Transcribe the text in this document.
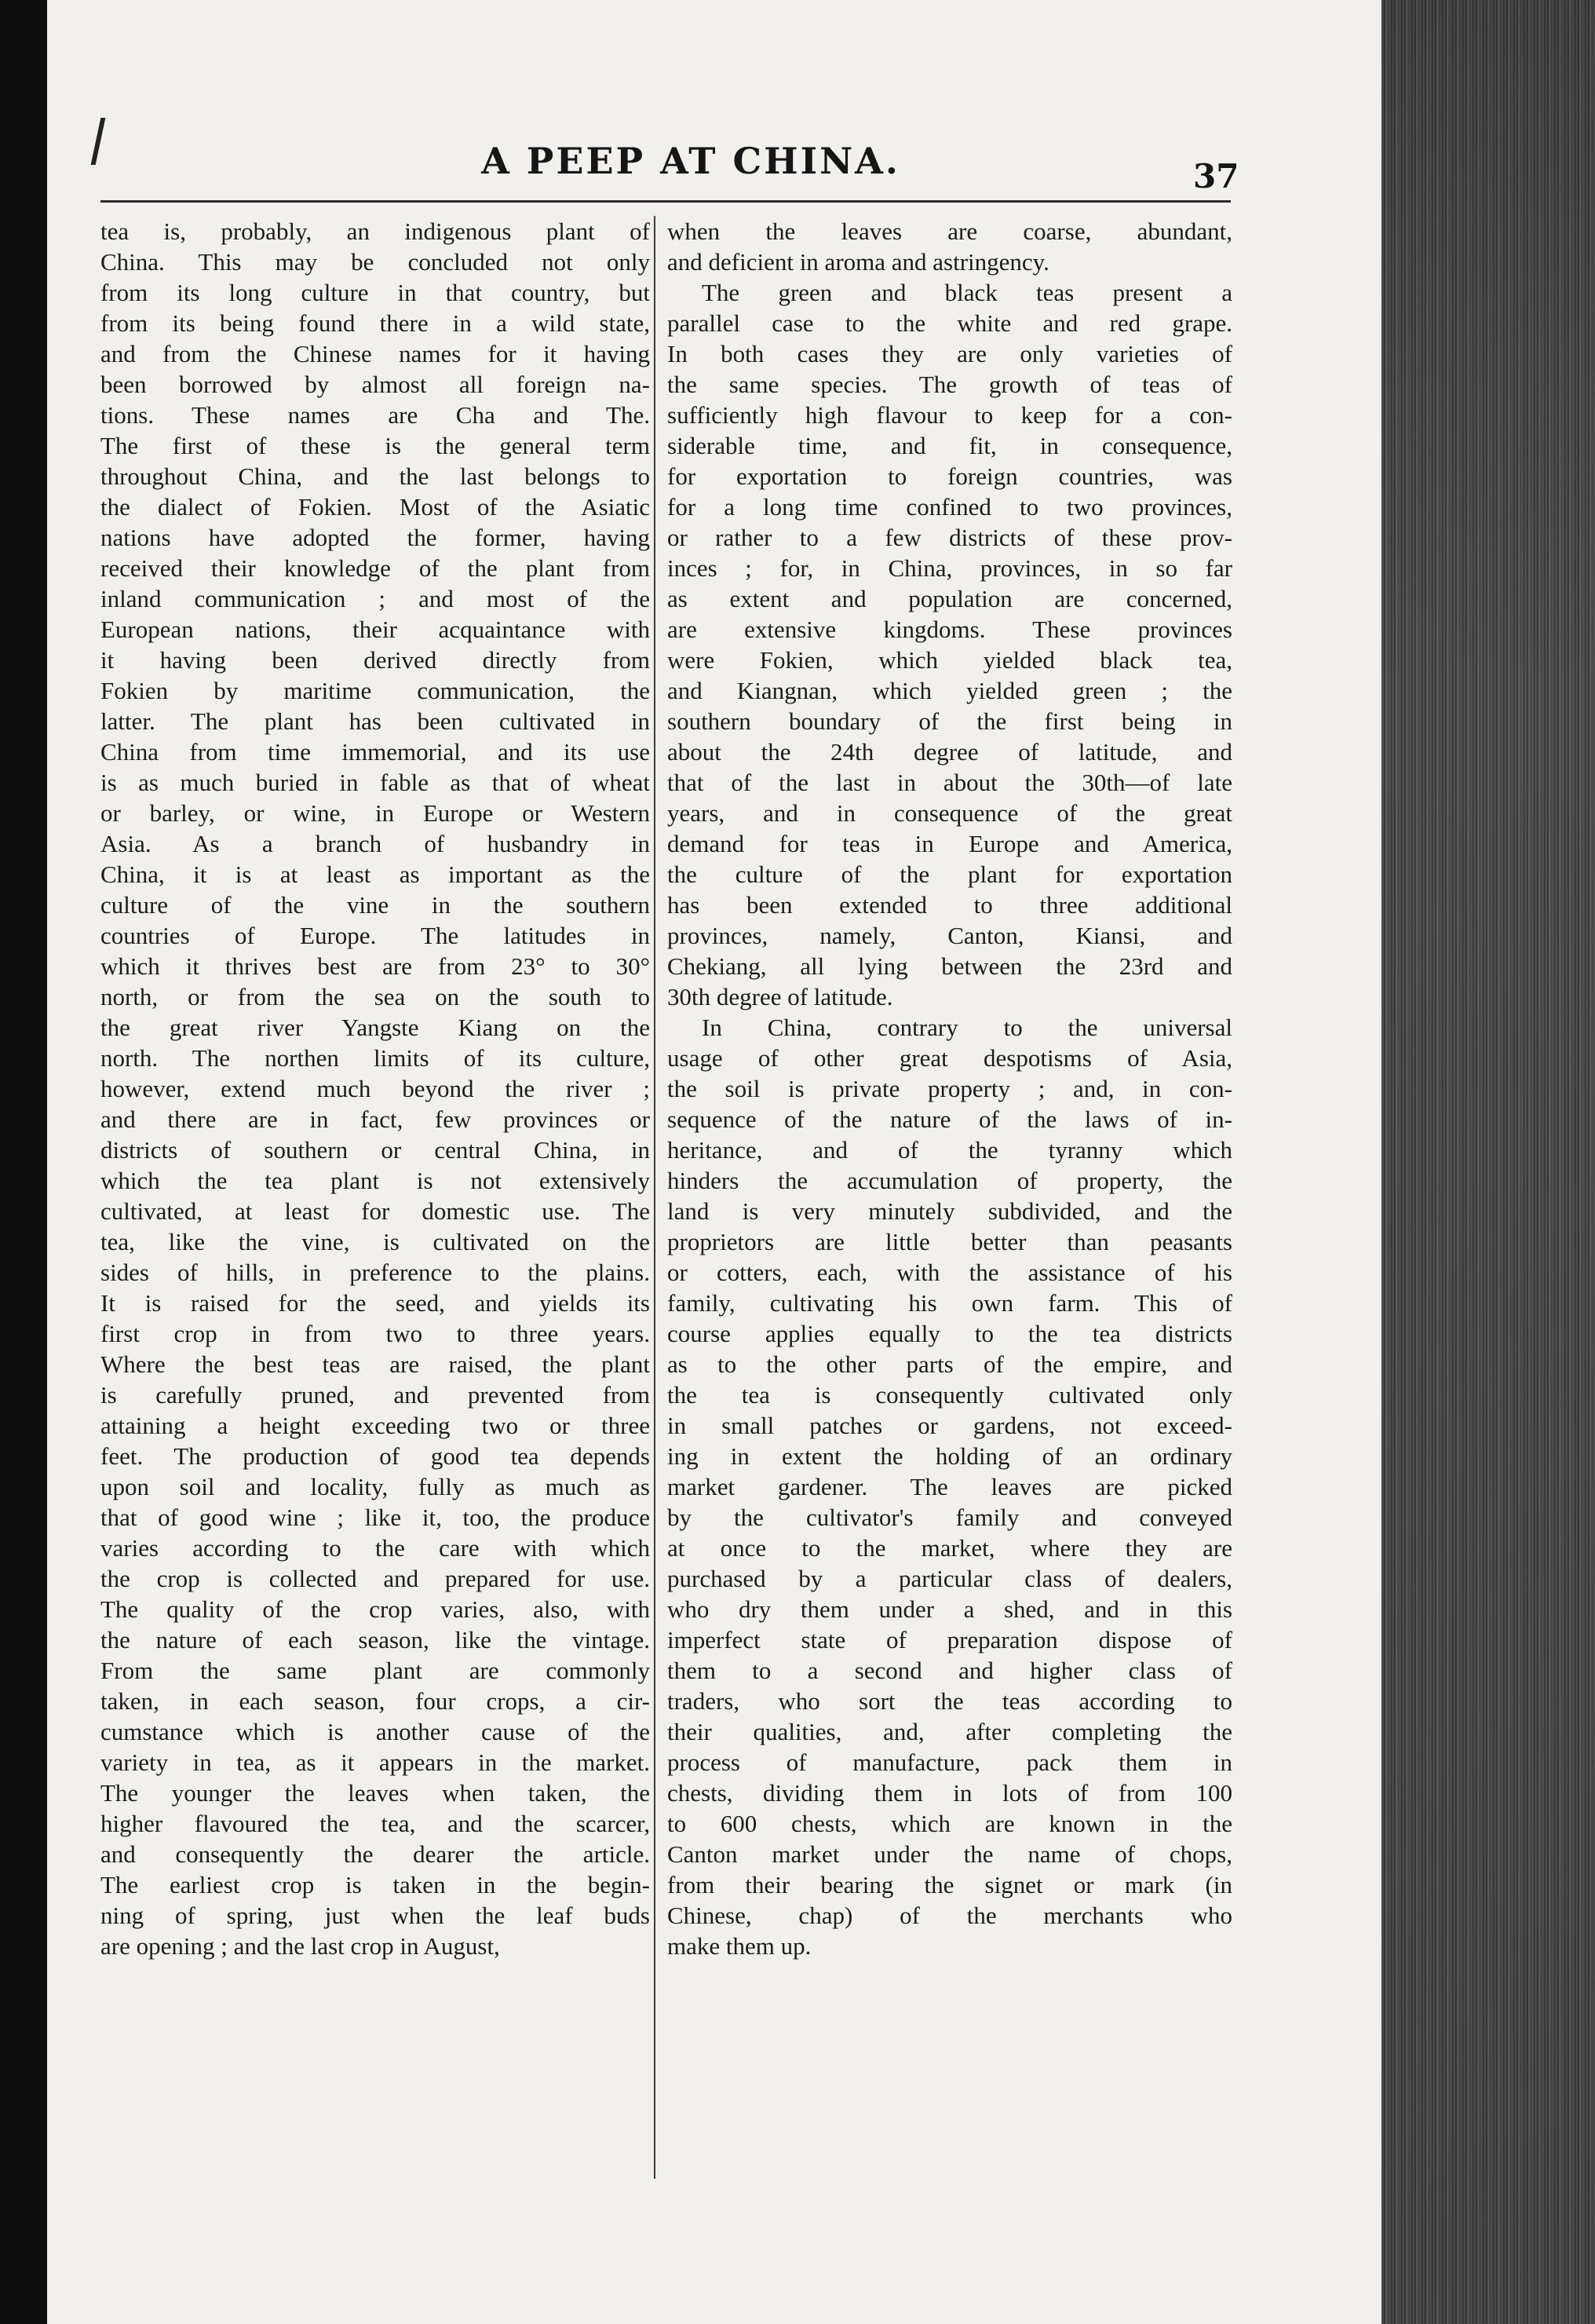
A PEEP AT CHINA.	37
tea is, probably, an indigenous plant of
China. This may be concluded not only
from its long culture in that country, but
from its being found there in a wild state,
and from the Chinese names for it having
been borrowed by almost all foreign na-
tions. These names are Cha and The.
The first of these is the general term
throughout China, and the last belongs to
the dialect of Fokien. Most of the Asiatic
nations have adopted the former, having
received their knowledge of the plant from
inland communication ; and most of the
European nations, their acquaintance with
it having been derived directly from
Fokien by maritime communication, the
latter. The plant has been cultivated in
China from time immemorial, and its use
is as much buried in fable as that of wheat
or barley, or wine, in Europe or Western
Asia. As a branch of husbandry in
China, it is at least as important as the
culture of the vine in the southern
countries of Europe. The latitudes in
which it thrives best are from 23° to 30°
north, or from the sea on the south to
the great river Yangste Kiang on the
north. The northen limits of its culture,
however, extend much beyond the river ;
and there are in fact, few provinces or
districts of southern or central China, in
which the tea plant is not extensively
cultivated, at least for domestic use. The
tea, like the vine, is cultivated on the
sides of hills, in preference to the plains.
It is raised for the seed, and yields its
first crop in from two to three years.
Where the best teas are raised, the plant
is carefully pruned, and prevented from
attaining a height exceeding two or three
feet. The production of good tea depends
upon soil and locality, fully as much as
that of good wine ; like it, too, the produce
varies according to the care with which
the crop is collected and prepared for use.
The quality of the crop varies, also, with
the nature of each season, like the vintage.
From the same plant are commonly
taken, in each season, four crops, a cir-
cumstance which is another cause of the
variety in tea, as it appears in the market.
The younger the leaves when taken, the
higher flavoured the tea, and the scarcer,
and consequently the dearer the article.
The earliest crop is taken in the begin-
ning of spring, just when the leaf buds
are opening ; and the last crop in August,
when the leaves are coarse, abundant,
and deficient in aroma and astringency.
The green and black teas present a
parallel case to the white and red grape.
In both cases they are only varieties of
the same species. The growth of teas of
sufficiently high flavour to keep for a con-
siderable time, and fit, in consequence,
for exportation to foreign countries, was
for a long time confined to two provinces,
or rather to a few districts of these prov-
inces ; for, in China, provinces, in so far
as extent and population are concerned,
are extensive kingdoms. These provinces
were Fokien, which yielded black tea,
and Kiangnan, which yielded green ; the
southern boundary of the first being in
about the 24th degree of latitude, and
that of the last in about the 30th—of late
years, and in consequence of the great
demand for teas in Europe and America,
the culture of the plant for exportation
has been extended to three additional
provinces, namely, Canton, Kiansi, and
Chekiang, all lying between the 23rd and
30th degree of latitude.
In China, contrary to the universal
usage of other great despotisms of Asia,
the soil is private property ; and, in con-
sequence of the nature of the laws of in-
heritance, and of the tyranny which
hinders the accumulation of property, the
land is very minutely subdivided, and the
proprietors are little better than peasants
or cotters, each, with the assistance of his
family, cultivating his own farm. This of
course applies equally to the tea districts
as to the other parts of the empire, and
the tea is consequently cultivated only
in small patches or gardens, not exceed-
ing in extent the holding of an ordinary
market gardener. The leaves are picked
by the cultivator's family and conveyed
at once to the market, where they are
purchased by a particular class of dealers,
who dry them under a shed, and in this
imperfect state of preparation dispose of
them to a second and higher class of
traders, who sort the teas according to
their qualities, and, after completing the
process of manufacture, pack them in
chests, dividing them in lots of from 100
to 600 chests, which are known in the
Canton market under the name of chops,
from their bearing the signet or mark (in
Chinese, chap) of the merchants who
make them up.
